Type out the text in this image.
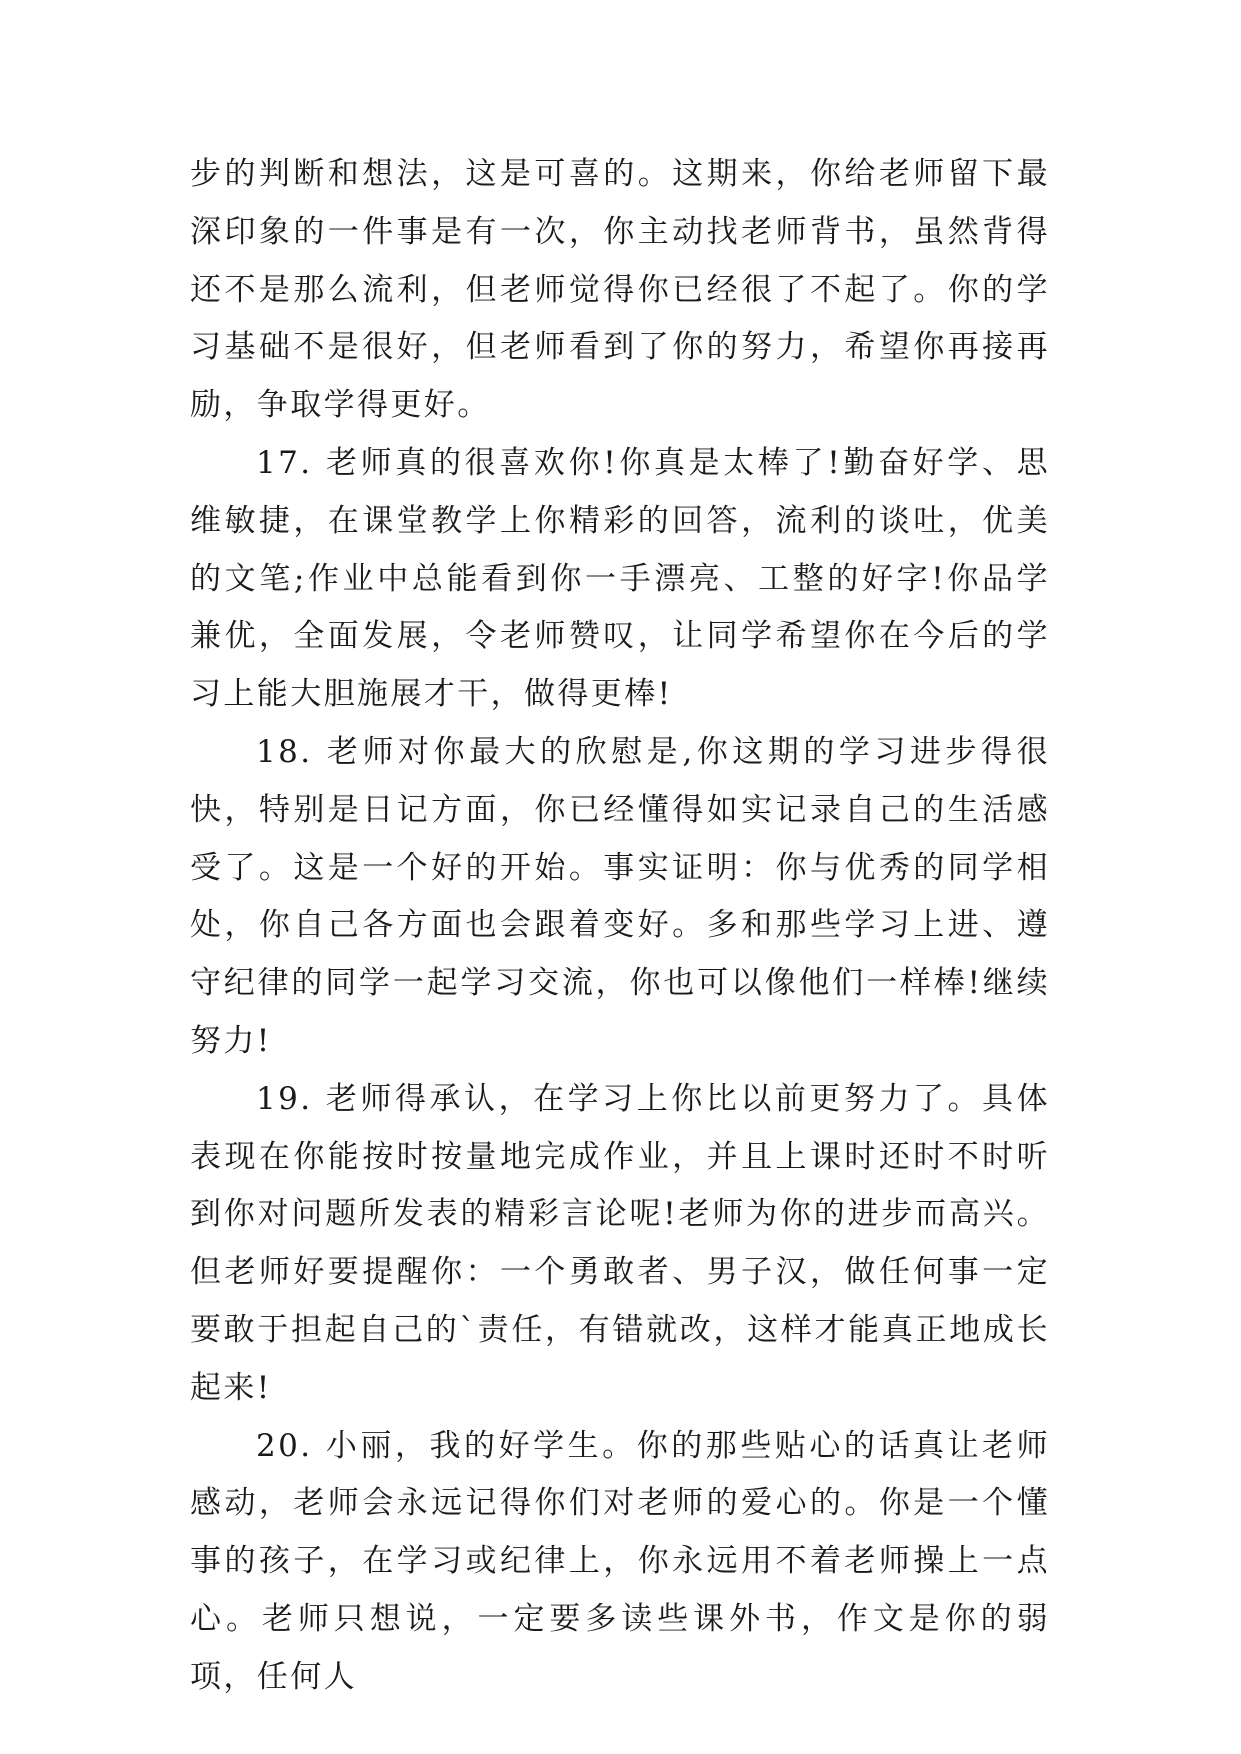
步的判断和想法，这是可喜的。这期来，你给老师留下最深印象的一件事是有一次，你主动找老师背书，虽然背得还不是那么流利，但老师觉得你已经很了不起了。你的学习基础不是很好，但老师看到了你的努力，希望你再接再励，争取学得更好。

17. 老师真的很喜欢你!你真是太棒了!勤奋好学、思维敏捷，在课堂教学上你精彩的回答，流利的谈吐，优美的文笔;作业中总能看到你一手漂亮、工整的好字!你品学兼优，全面发展，令老师赞叹，让同学希望你在今后的学习上能大胆施展才干，做得更棒!

18. 老师对你最大的欣慰是,你这期的学习进步得很快，特别是日记方面，你已经懂得如实记录自己的生活感受了。这是一个好的开始。事实证明：你与优秀的同学相处，你自己各方面也会跟着变好。多和那些学习上进、遵守纪律的同学一起学习交流，你也可以像他们一样棒!继续努力!

19. 老师得承认，在学习上你比以前更努力了。具体表现在你能按时按量地完成作业，并且上课时还时不时听到你对问题所发表的精彩言论呢!老师为你的进步而高兴。但老师好要提醒你：一个勇敢者、男子汉，做任何事一定要敢于担起自己的`责任，有错就改，这样才能真正地成长起来!

20. 小丽，我的好学生。你的那些贴心的话真让老师感动，老师会永远记得你们对老师的爱心的。你是一个懂事的孩子，在学习或纪律上，你永远用不着老师操上一点心。老师只想说，一定要多读些课外书，作文是你的弱项，任何人
